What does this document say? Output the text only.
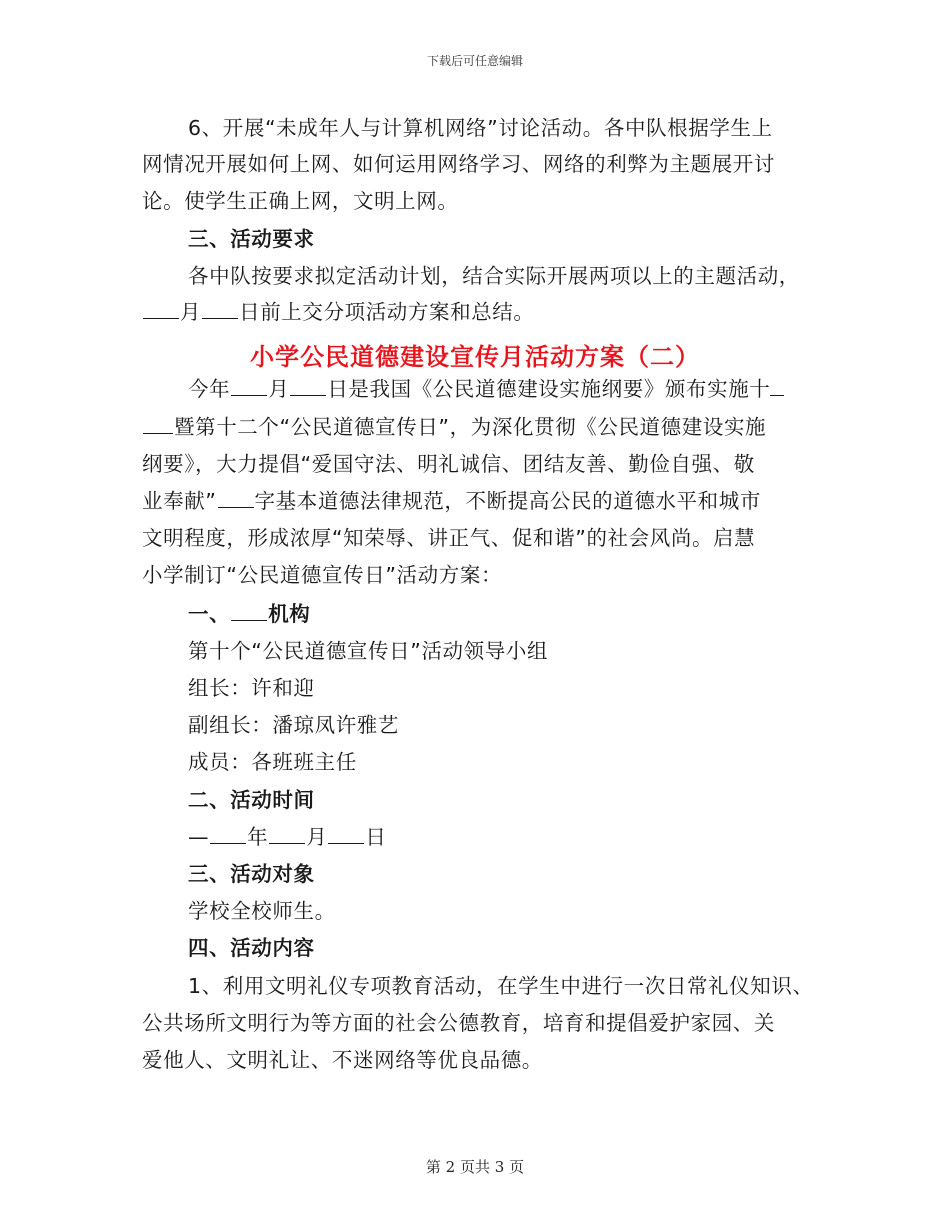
下载后可任意编辑
6、开展“未成年人与计算机网络”讨论活动。各中队根据学生上
网情况开展如何上网、如何运用网络学习、网络的利弊为主题展开讨
论。使学生正确上网，文明上网。
三、活动要求
各中队按要求拟定活动计划，结合实际开展两项以上的主题活动，
月 日前上交分项活动方案和总结。
小学公民道德建设宣传月活动方案（二）
今年 月 日是我国《公民道德建设实施纲要》颁布实施十
暨第十二个“公民道德宣传日”，为深化贯彻《公民道德建设实施
纲要》，大力提倡“爱国守法、明礼诚信、团结友善、勤俭自强、敬
业奉献” 字基本道德法律规范，不断提高公民的道德水平和城市
文明程度，形成浓厚“知荣辱、讲正气、促和谐”的社会风尚。启慧
小学制订“公民道德宣传日”活动方案：
一、 机构
第十个“公民道德宣传日”活动领导小组
组长：许和迎
副组长：潘琼凤许雅艺
成员：各班班主任
二、活动时间
— 年 月 日
三、活动对象
学校全校师生。
四、活动内容
1、利用文明礼仪专项教育活动，在学生中进行一次日常礼仪知识、
公共场所文明行为等方面的社会公德教育，培育和提倡爱护家园、关
爱他人、文明礼让、不迷网络等优良品德。
第 2 页共 3 页
